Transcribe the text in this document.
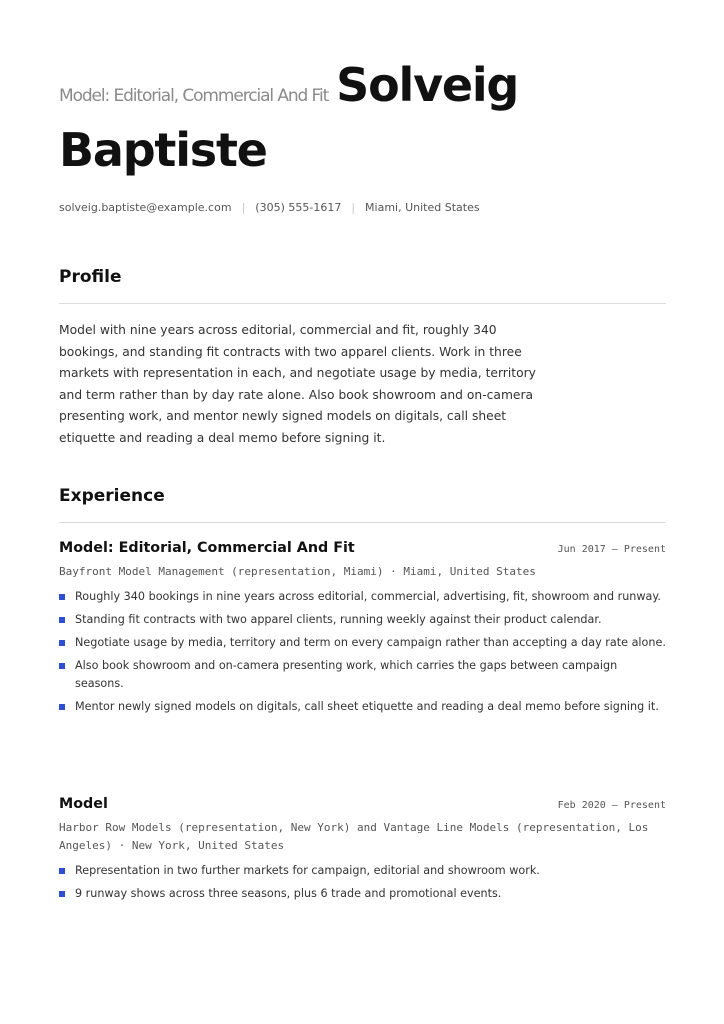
Model: Editorial, Commercial And Fit Solveig
Baptiste
solveig.baptiste@example.com | (305) 555-1617 | Miami, United States
Profile
Model with nine years across editorial, commercial and fit, roughly 340 bookings, and standing fit contracts with two apparel clients. Work in three markets with representation in each, and negotiate usage by media, territory and term rather than by day rate alone. Also book showroom and on-camera presenting work, and mentor newly signed models on digitals, call sheet etiquette and reading a deal memo before signing it.
Experience
Model: Editorial, Commercial And Fit	Jun 2017 — Present
Bayfront Model Management (representation, Miami) · Miami, United States
Roughly 340 bookings in nine years across editorial, commercial, advertising, fit, showroom and runway.
Standing fit contracts with two apparel clients, running weekly against their product calendar.
Negotiate usage by media, territory and term on every campaign rather than accepting a day rate alone.
Also book showroom and on-camera presenting work, which carries the gaps between campaign seasons.
Mentor newly signed models on digitals, call sheet etiquette and reading a deal memo before signing it.
Model	Feb 2020 — Present
Harbor Row Models (representation, New York) and Vantage Line Models (representation, Los Angeles) · New York, United States
Representation in two further markets for campaign, editorial and showroom work.
9 runway shows across three seasons, plus 6 trade and promotional events.
